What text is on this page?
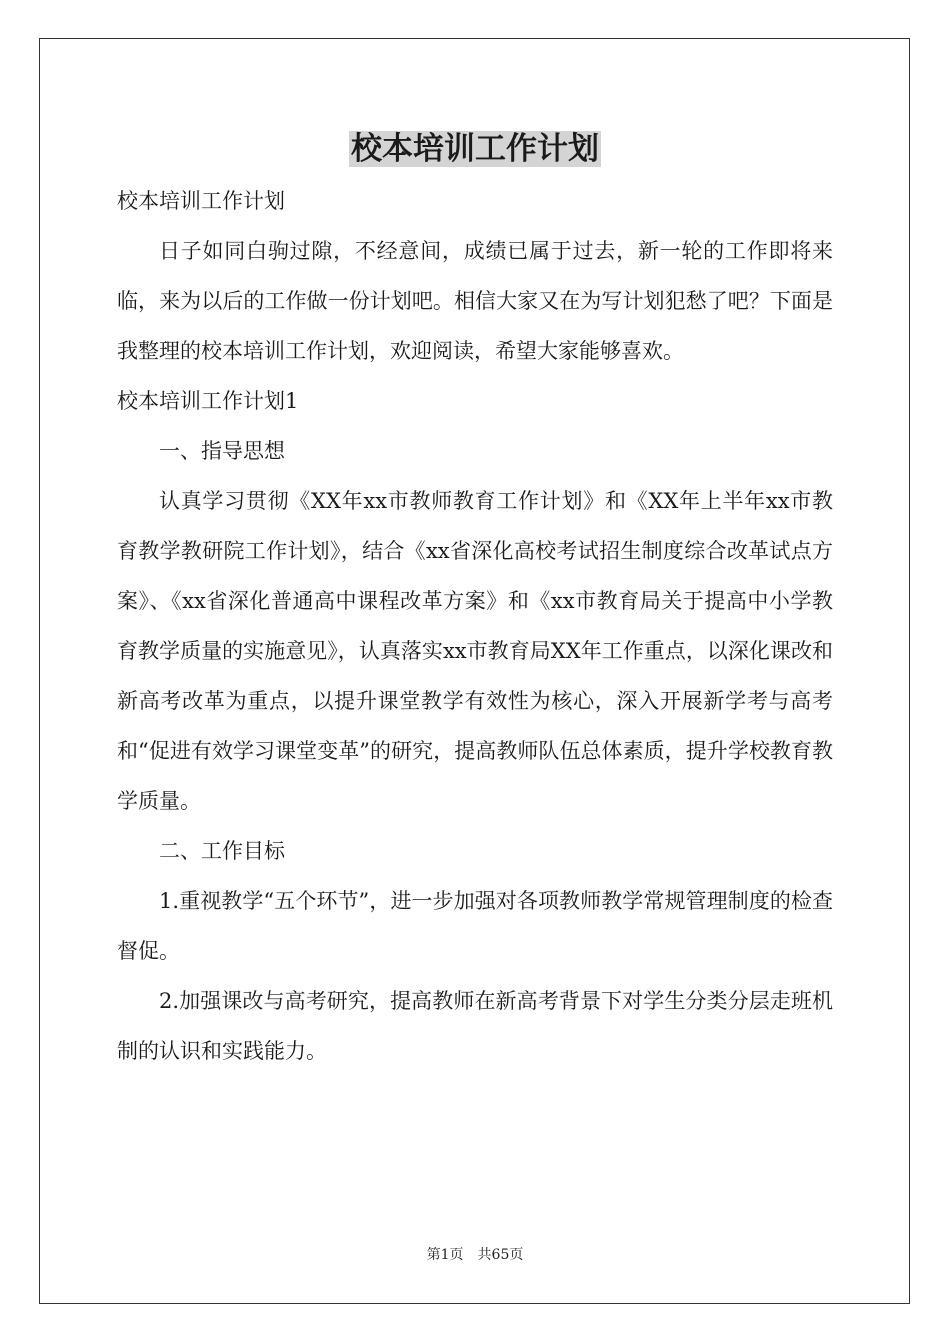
校本培训工作计划

校本培训工作计划

日子如同白驹过隙，不经意间，成绩已属于过去，新一轮的工作即将来临，来为以后的工作做一份计划吧。相信大家又在为写计划犯愁了吧？下面是我整理的校本培训工作计划，欢迎阅读，希望大家能够喜欢。

校本培训工作计划1

一、指导思想

认真学习贯彻《XX年xx市教师教育工作计划》和《XX年上半年xx市教育教学教研院工作计划》，结合《xx省深化高校考试招生制度综合改革试点方案》、《xx省深化普通高中课程改革方案》和《xx市教育局关于提高中小学教育教学质量的实施意见》，认真落实xx市教育局XX年工作重点，以深化课改和新高考改革为重点，以提升课堂教学有效性为核心，深入开展新学考与高考和“促进有效学习课堂变革”的研究，提高教师队伍总体素质，提升学校教育教学质量。

二、工作目标

1.重视教学“五个环节”，进一步加强对各项教师教学常规管理制度的检查督促。

2.加强课改与高考研究，提高教师在新高考背景下对学生分类分层走班机制的认识和实践能力。

第1页 共65页
